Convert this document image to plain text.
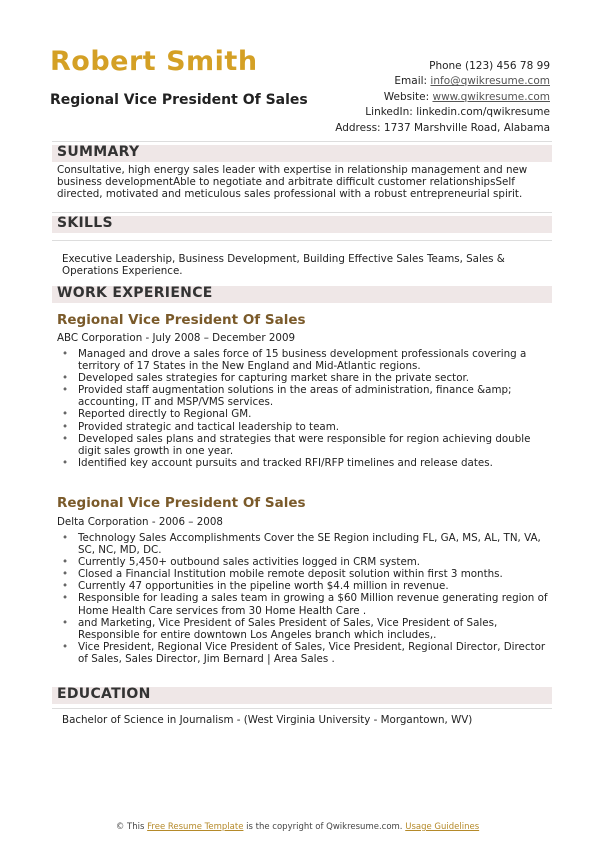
Robert Smith
Regional Vice President Of Sales
Phone (123) 456 78 99
Email: info@qwikresume.com
Website: www.qwikresume.com
LinkedIn: linkedin.com/qwikresume
Address: 1737 Marshville Road, Alabama
SUMMARY
Consultative, high energy sales leader with expertise in relationship management and new business developmentAble to negotiate and arbitrate difficult customer relationshipsSelf directed, motivated and meticulous sales professional with a robust entrepreneurial spirit.
SKILLS
Executive Leadership, Business Development, Building Effective Sales Teams, Sales & Operations Experience.
WORK EXPERIENCE
Regional Vice President Of Sales
ABC Corporation - July 2008 – December 2009
• Managed and drove a sales force of 15 business development professionals covering a territory of 17 States in the New England and Mid-Atlantic regions.
• Developed sales strategies for capturing market share in the private sector.
• Provided staff augmentation solutions in the areas of administration, finance &amp; accounting, IT and MSP/VMS services.
• Reported directly to Regional GM.
• Provided strategic and tactical leadership to team.
• Developed sales plans and strategies that were responsible for region achieving double digit sales growth in one year.
• Identified key account pursuits and tracked RFI/RFP timelines and release dates.
Regional Vice President Of Sales
Delta Corporation - 2006 – 2008
• Technology Sales Accomplishments Cover the SE Region including FL, GA, MS, AL, TN, VA, SC, NC, MD, DC.
• Currently 5,450+ outbound sales activities logged in CRM system.
• Closed a Financial Institution mobile remote deposit solution within first 3 months.
• Currently 47 opportunities in the pipeline worth $4.4 million in revenue.
• Responsible for leading a sales team in growing a $60 Million revenue generating region of Home Health Care services from 30 Home Health Care .
• and Marketing, Vice President of Sales President of Sales, Vice President of Sales, Responsible for entire downtown Los Angeles branch which includes,.
• Vice President, Regional Vice President of Sales, Vice President, Regional Director, Director of Sales, Sales Director, Jim Bernard | Area Sales .
EDUCATION
Bachelor of Science in Journalism - (West Virginia University - Morgantown, WV)
© This Free Resume Template is the copyright of Qwikresume.com. Usage Guidelines
